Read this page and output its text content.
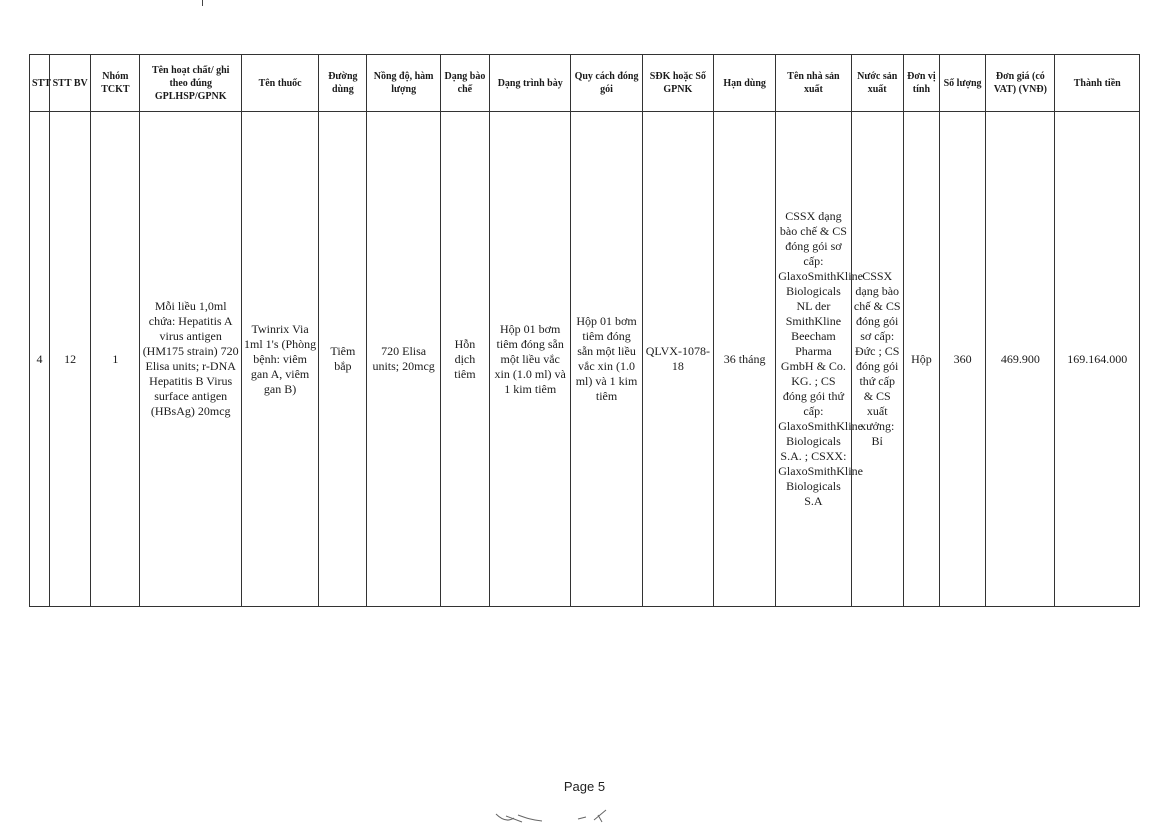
STT	STT BV	Nhóm TCKT	Tên hoạt chất/ ghi theo đúng GPLHSP/GPNK	Tên thuốc	Đường dùng	Nồng độ, hàm lượng	Dạng bào chế	Dạng trình bày	Quy cách đóng gói	SĐK hoặc Số GPNK	Hạn dùng	Tên nhà sản xuất	Nước sản xuất	Đơn vị tính	Số lượng	Đơn giá (có VAT) (VNĐ)	Thành tiền
4	12	1	Mỗi liều 1,0ml chứa: Hepatitis A virus antigen (HM175 strain) 720 Elisa units; r-DNA Hepatitis B Virus surface antigen (HBsAg) 20mcg	Twinrix Via 1ml 1's (Phòng bệnh: viêm gan A, viêm gan B)	Tiêm bắp	720 Elisa units; 20mcg	Hỗn dịch tiêm	Hộp 01 bơm tiêm đóng sẵn một liều vắc xin (1.0 ml) và 1 kim tiêm	Hộp 01 bơm tiêm đóng sẵn một liều vắc xin (1.0 ml) và 1 kim tiêm	QLVX-1078-18	36 tháng	CSSX dạng bào chế & CS đóng gói sơ cấp: GlaxoSmithKline Biologicals NL der SmithKline Beecham Pharma GmbH & Co. KG. ; CS đóng gói thứ cấp: GlaxoSmithKline Biologicals S.A. ; CSXX: GlaxoSmithKline Biologicals S.A	CSSX dạng bào chế & CS đóng gói sơ cấp: Đức ; CS đóng gói thứ cấp & CS xuất xưởng: Bỉ	Hộp	360	469.900	169.164.000
Page 5
